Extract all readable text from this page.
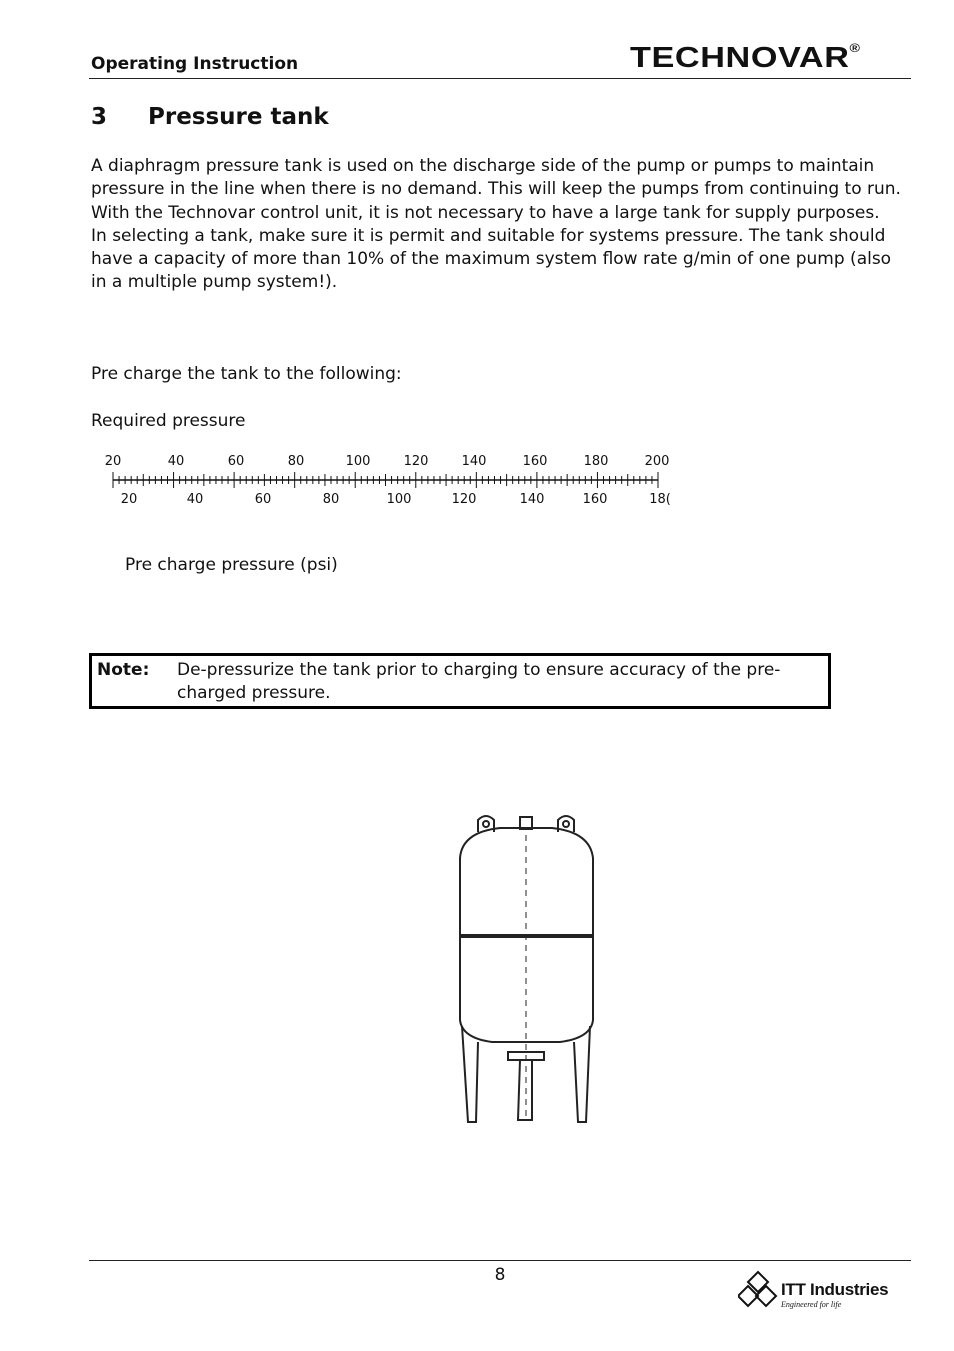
Operating Instruction	TECHNOVAR®
3 Pressure tank
A diaphragm pressure tank is used on the discharge side of the pump or pumps to maintain pressure in the line when there is no demand. This will keep the pumps from continuing to run. With the Technovar control unit, it is not necessary to have a large tank for supply purposes.
In selecting a tank, make sure it is permit and suitable for systems pressure. The tank should have a capacity of more than 10% of the maximum system flow rate g/min of one pump (also in a multiple pump system!).
Pre charge the tank to the following:
Required pressure
20	40	60	80	100	120	140	160	180	200
20	40	60	80	100	120	140	160	18(
Pre charge pressure (psi)
Note: De-pressurize the tank prior to charging to ensure accuracy of the pre-charged pressure.
8
ITT Industries
Engineered for life
